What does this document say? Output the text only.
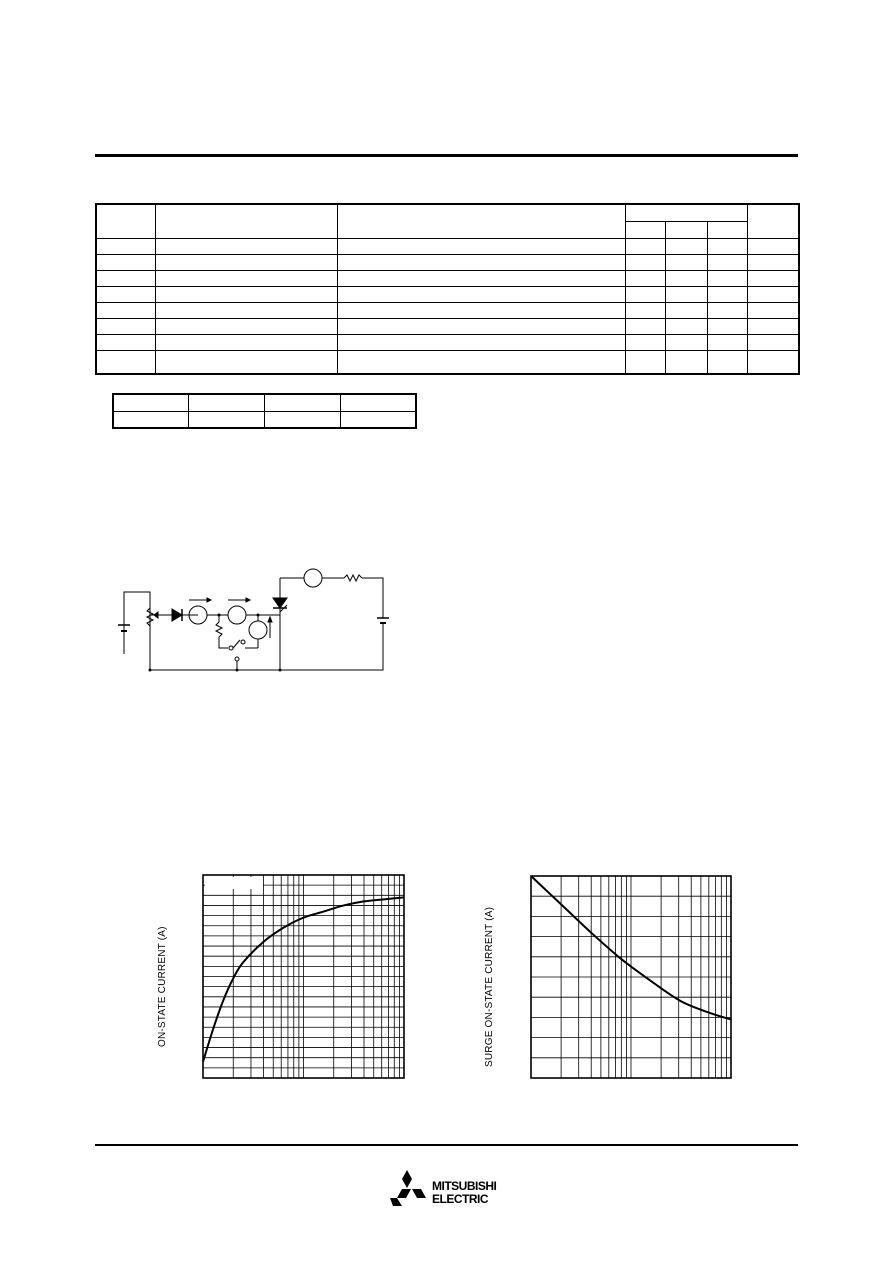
ON-STATE CURRENT (A)	SURGE ON-STATE CURRENT (A)
MITSUBISHI
ELECTRIC
